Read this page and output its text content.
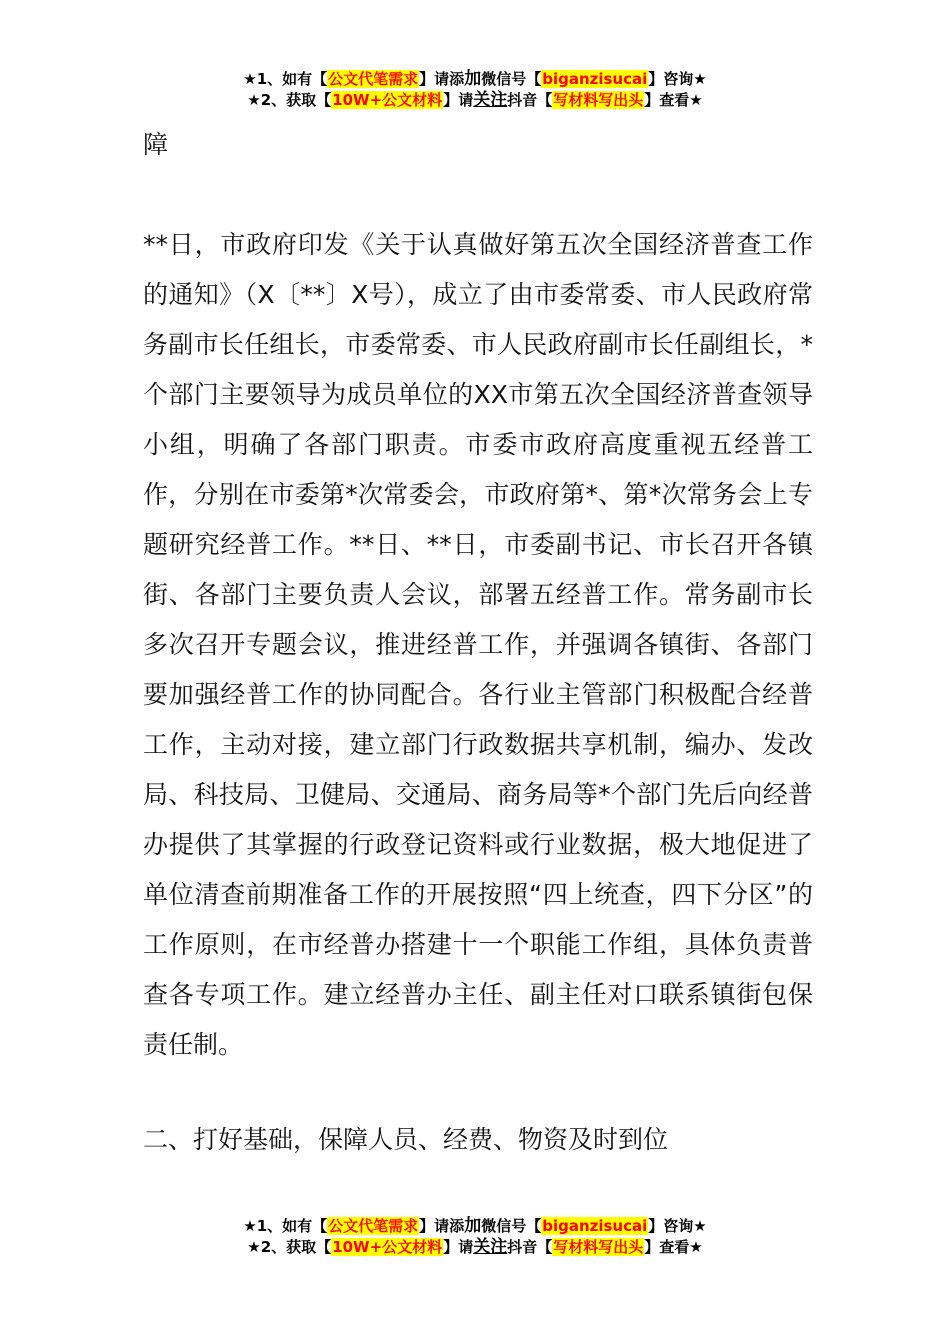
★1、如有【公文代笔需求】请添加微信号【biganzisucai】咨询★
★2、获取【10W+公文材料】请关注抖音【写材料写出头】查看★
障
**日，市政府印发《关于认真做好第五次全国经济普查工作的通知》（X〔**〕X号），成立了由市委常委、市人民政府常务副市长任组长，市委常委、市人民政府副市长任副组长，*个部门主要领导为成员单位的XX市第五次全国经济普查领导小组，明确了各部门职责。市委市政府高度重视五经普工作，分别在市委第*次常委会，市政府第*、第*次常务会上专题研究经普工作。**日、**日，市委副书记、市长召开各镇街、各部门主要负责人会议，部署五经普工作。常务副市长多次召开专题会议，推进经普工作，并强调各镇街、各部门要加强经普工作的协同配合。各行业主管部门积极配合经普工作，主动对接，建立部门行政数据共享机制，编办、发改局、科技局、卫健局、交通局、商务局等*个部门先后向经普办提供了其掌握的行政登记资料或行业数据，极大地促进了单位清查前期准备工作的开展按照“四上统查，四下分区”的工作原则，在市经普办搭建十一个职能工作组，具体负责普查各专项工作。建立经普办主任、副主任对口联系镇街包保责任制。
二、打好基础，保障人员、经费、物资及时到位
★1、如有【公文代笔需求】请添加微信号【biganzisucai】咨询★
★2、获取【10W+公文材料】请关注抖音【写材料写出头】查看★
